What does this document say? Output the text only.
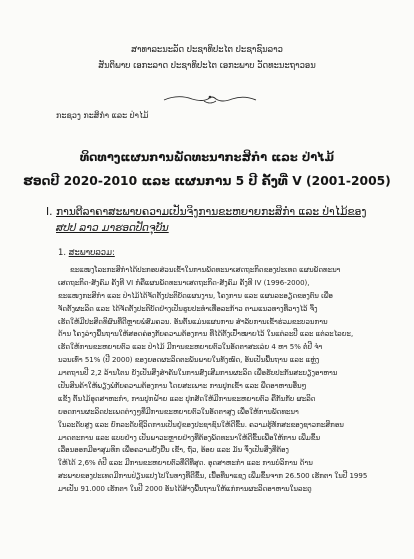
ສາທາລະນະລັດ ປະຊາທິປະໄຕ ປະຊາຊົນລາວ
ສັນຕິພາບ ເອກະລາດ ປະຊາທິປະໄຕ ເອກະພາບ ວັດທະນະຖາວອນ
ກະຊວງ ກະສິກຳ ແລະ ປ່າໄມ້
ທິດທາງແຜນການພັດທະນາກະສິກຳ ແລະ ປ່າໄມ້
ຮອດປີ 2020-2010 ແລະ ແຜນການ 5 ປີ ຄັ້ງທີ່ V (2001-2005)
I. ການຕີລາຄາສະພາບຄວາມເປັນຈິງການຂະຫຍາຍກະສິກຳ ແລະ ປ່າໄມ້ຂອງ
ສປປ ລາວ ມາຮອດປັດຈຸບັນ
1. ສະພາບລວມ:
ຂະແໜງໂລະກະສິກຳໄດ້ປະກອບສ່ວນເຂົ້າໃນການພັດທະນາເສດຖະກິດຂອງປະເທດ ແຜນພັດທະນາ
ເສດຖະກິດ-ສັງຄົມ ຄັ້ງທີ VI ກໍ່ຄືແຜນພັດທະນາເສດຖະກິດ-ສັງຄົມ ຄັ້ງທີ IV (1996-2000),
ຂະແໜງກະສິກຳ ແລະ ປ່າໄມ້ໄດ້ຈັດຕັ້ງປະຕິບັດແຜນງານ, ໂຄງການ ແລະ ແຜນລະອຽດຂອງຕົນ ເພື່ອ
ຈັດຕັ້ງຜະລິດ ແລະ ໄດ້ຈັດຕັ້ງປະຕິບັດຢ່າງເປັນຮູບປະທຳເທື່ອລະກ້າວ ຕາມແນວທາງທີ່ວາງໄວ້ ຈຶ່ງ
ເຮັດໃຫ້ມີປະສິດທິຜົນທີ່ດີຫຼາຍພໍສົມຄວນ. ອັນຕົ້ນແມ່ນແຜນການ ສຳລັບການເຂົ້າຮ່ວມຂະບວນການ
ດ້ານ ໂຄງລ່າງພື້ນຖານໃຫ້ສອດຄ່ອງກັບຄວາມຕ້ອງການ ທີ່ໄດ້ຕັ້ງເປົ້າໝາຍໄວ້ ໃນແຕ່ລະປີ ແລະ ແຕ່ລະໄລຍະ,
ເຮັດໃຫ້ການຂະຫຍາຍຕົວ ແລະ ປ່າໄມ້ ມີການຂະຫຍາຍຕົວໃນອັດຕາສະເລ່ຍ 4 ຫາ 5% ຕໍ່ປີ ຈຳ
ນວນເທົ່າ 51% (ປີ 2000) ຂອງຍອດຜະລິດຕະພັນພາຍໃນທັງໝົດ, ອັນເປັນພື້ນຖານ ແລະ ແຫຼ່ງ
ມາຕຖານປີ 2,2 ລ້ານໂຕນ ຍັງເປັນສິ່ງສຳຄັນໃນການສົ່ງເສີມການຜະລິດ ເພື່ອຮັບປະກັນສະບຽງອາຫານ
ເປັນສິນຄ້າໃຫ້ພຽງພໍກັບຄວາມຕ້ອງການ ໂດຍສະເພາະ ການປູກເຂົ້າ ແລະ ພືດອາຫານອື່ນໆ
ແຂັ້ງ ຕົ້ນໄມ້ອຸດສາຫະກຳ, ການປູກຝ້າຍ ແລະ ປຸກສັດໃຫ້ມີການຂະຫຍາຍຕົວ ຄືກັນກັບ ຜະລິດ
ຍອດການຜະລິດປະເພດຕ່າງໆທີ່ມີການຂະຫຍາຍຕົວໃນອັດຕາສູງ ເພື່ອໃຫ້ການພັດທະນາ
ໃນລະດັບສູງ ແລະ ຍົກລະດັບຊີວິດການເປັນຢູ່ຂອງປະຊາຊົນໃຫ້ດີຂຶ້ນ. ຄວາມຮູ້ທັກສະຂອງຊາວກະສິກອນ
ມາດຕະການ ແລະ ແບບຢ່າງ ເປັນພາວະຫຼາຍຢ່າງທີ່ຕ້ອງພັດທະນາໃຫ້ດີຂຶ້ນເພື່ອໃຫ້ການ ເພີ່ມຂຶ້ນ
ເລື່ອນອອກມີອາສຸມທິກ ເພື່ອຄວາມຢັ້ງຢືນ ເຂົ້າ, ຖົ່ວ, ອ້ອຍ ແລະ ມັນ ຈຶ່ງເປັນສິ່ງທີ່ຕ້ອງ
ໃຫ້ໄດ້ 2,6% ຕໍ່ປີ ແລະ ມີການຂະຫຍາຍຕົວທີ່ດີທີ່ສຸດ. ອຸດສາຫະກຳ ແລະ ການບໍລິການ ດ້ານ
ສະພາບຂອງປະເທດມີການປ່ຽນແປງໄປໃນທາງທີ່ດີຂຶ້ນ, ເນື້ອທີ່ນາແຊງ ເພີ່ມຂຶ້ນຈາກ 26.500 ເຮັກຕາ ໃນປີ 1995
ມາເປັນ 91.000 ເຮັກຕາ ໃນປີ 2000 ອັນໄດ້ສ້າງພື້ນຖານໃຫ້ແກ່ການຜະລິດອາຫານໃນລະດູ
